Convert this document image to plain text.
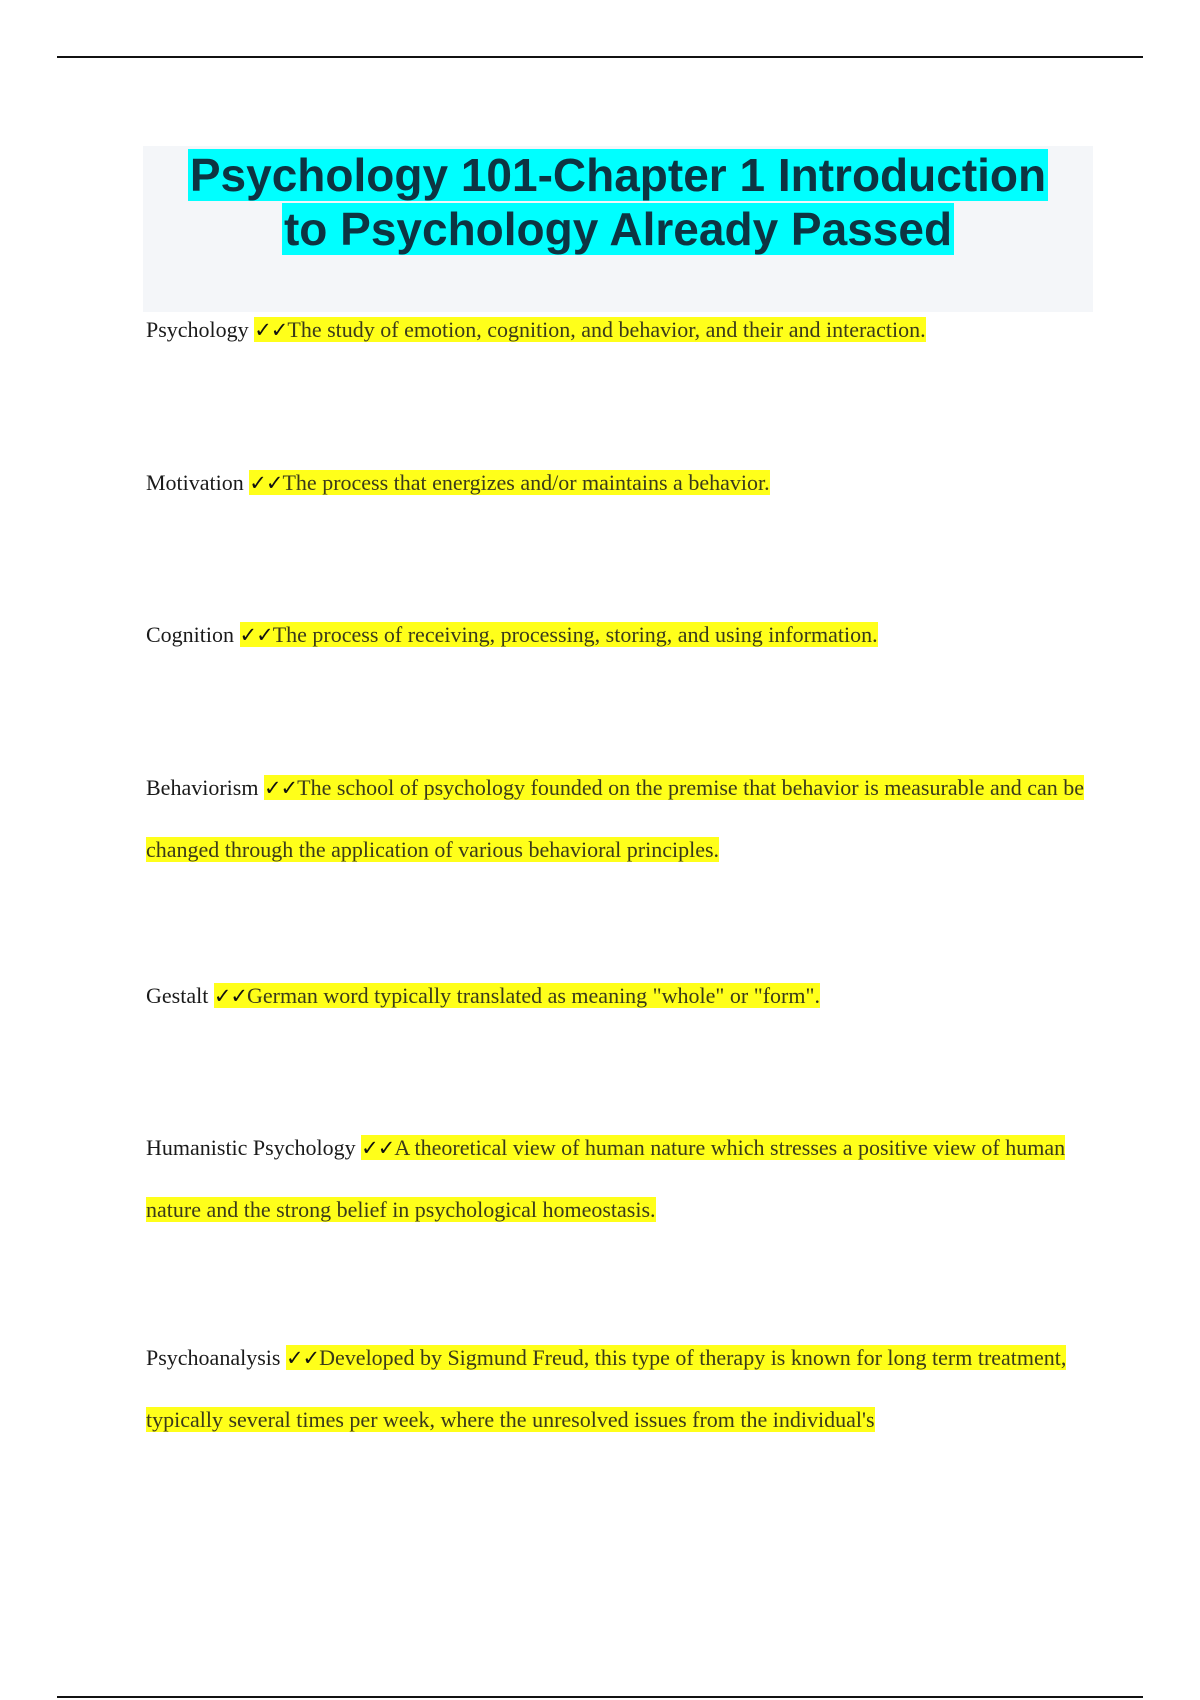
Psychology 101-Chapter 1 Introduction
to Psychology Already Passed

Psychology ✓✓The study of emotion, cognition, and behavior, and their and interaction.

Motivation ✓✓The process that energizes and/or maintains a behavior.

Cognition ✓✓The process of receiving, processing, storing, and using information.

Behaviorism ✓✓The school of psychology founded on the premise that behavior is measurable and can be changed through the application of various behavioral principles.

Gestalt ✓✓German word typically translated as meaning "whole" or "form".

Humanistic Psychology ✓✓A theoretical view of human nature which stresses a positive view of human nature and the strong belief in psychological homeostasis.

Psychoanalysis ✓✓Developed by Sigmund Freud, this type of therapy is known for long term treatment, typically several times per week, where the unresolved issues from the individual's
